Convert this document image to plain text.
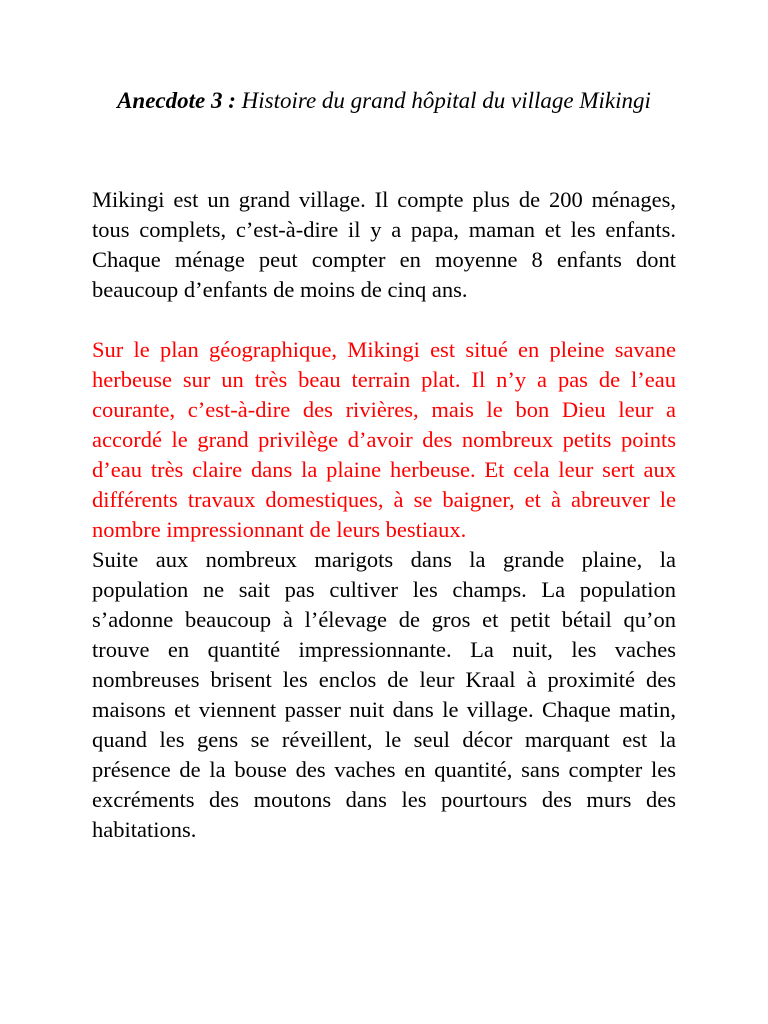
Anecdote 3 : Histoire du grand hôpital du village Mikingi

Mikingi est un grand village. Il compte plus de 200 ménages, tous complets, c’est-à-dire il y a papa, maman et les enfants. Chaque ménage peut compter en moyenne 8 enfants dont beaucoup d’enfants de moins de cinq ans.

Sur le plan géographique, Mikingi est situé en pleine savane herbeuse sur un très beau terrain plat. Il n’y a pas de l’eau courante, c’est-à-dire des rivières, mais le bon Dieu leur a accordé le grand privilège d’avoir des nombreux petits points d’eau très claire dans la plaine herbeuse. Et cela leur sert aux différents travaux domestiques, à se baigner, et à abreuver le nombre impressionnant de leurs bestiaux.

Suite aux nombreux marigots dans la grande plaine, la population ne sait pas cultiver les champs. La population s’adonne beaucoup à l’élevage de gros et petit bétail qu’on trouve en quantité impressionnante. La nuit, les vaches nombreuses brisent les enclos de leur Kraal à proximité des maisons et viennent passer nuit dans le village. Chaque matin, quand les gens se réveillent, le seul décor marquant est la présence de la bouse des vaches en quantité, sans compter les excréments des moutons dans les pourtours des murs des habitations.
